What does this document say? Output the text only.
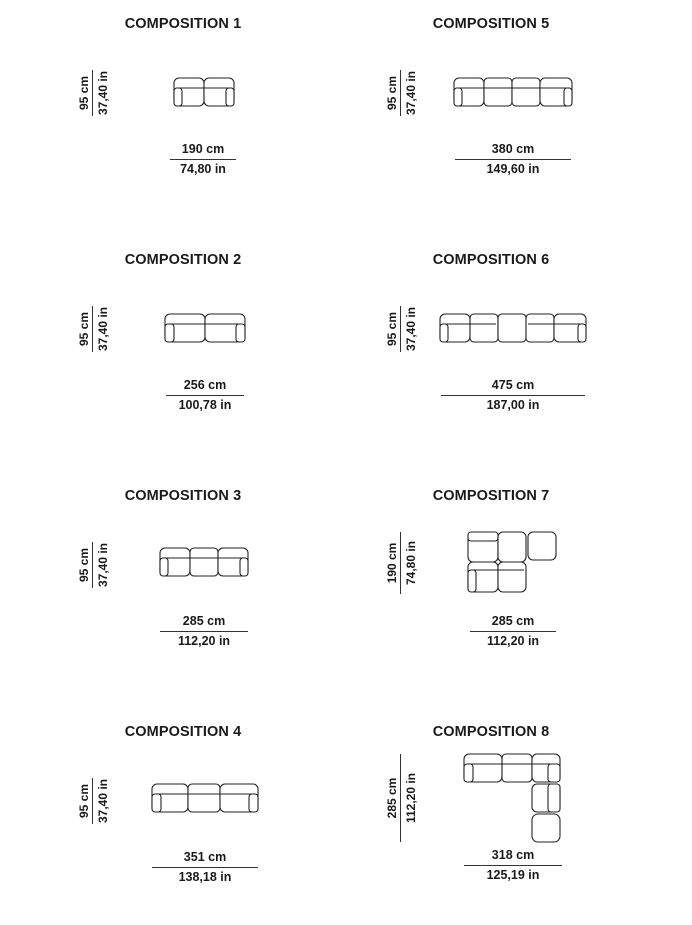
COMPOSITION 1
95 cm 37,40 in
190 cm
74,80 in
COMPOSITION 2
95 cm 37,40 in
256 cm
100,78 in
COMPOSITION 3
95 cm 37,40 in
285 cm
112,20 in
COMPOSITION 4
95 cm 37,40 in
351 cm
138,18 in
COMPOSITION 5
95 cm 37,40 in
380 cm
149,60 in
COMPOSITION 6
95 cm 37,40 in
475 cm
187,00 in
COMPOSITION 7
190 cm 74,80 in
285 cm
112,20 in
COMPOSITION 8
285 cm 112,20 in
318 cm
125,19 in
